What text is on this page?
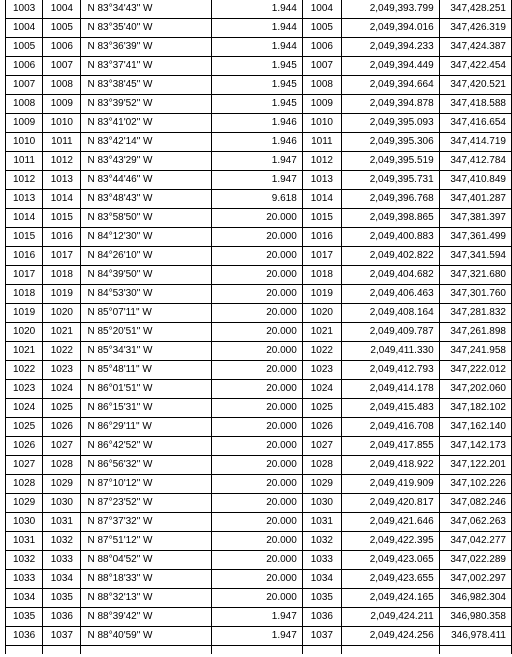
1003	1004	N 83°34'43" W	1.944	1004	2,049,393.799	347,428.251
1004	1005	N 83°35'40" W	1.944	1005	2,049,394.016	347,426.319
1005	1006	N 83°36'39" W	1.944	1006	2,049,394.233	347,424.387
1006	1007	N 83°37'41" W	1.945	1007	2,049,394.449	347,422.454
1007	1008	N 83°38'45" W	1.945	1008	2,049,394.664	347,420.521
1008	1009	N 83°39'52" W	1.945	1009	2,049,394.878	347,418.588
1009	1010	N 83°41'02" W	1.946	1010	2,049,395.093	347,416.654
1010	1011	N 83°42'14" W	1.946	1011	2,049,395.306	347,414.719
1011	1012	N 83°43'29" W	1.947	1012	2,049,395.519	347,412.784
1012	1013	N 83°44'46" W	1.947	1013	2,049,395.731	347,410.849
1013	1014	N 83°48'43" W	9.618	1014	2,049,396.768	347,401.287
1014	1015	N 83°58'50" W	20.000	1015	2,049,398.865	347,381.397
1015	1016	N 84°12'30" W	20.000	1016	2,049,400.883	347,361.499
1016	1017	N 84°26'10" W	20.000	1017	2,049,402.822	347,341.594
1017	1018	N 84°39'50" W	20.000	1018	2,049,404.682	347,321.680
1018	1019	N 84°53'30" W	20.000	1019	2,049,406.463	347,301.760
1019	1020	N 85°07'11" W	20.000	1020	2,049,408.164	347,281.832
1020	1021	N 85°20'51" W	20.000	1021	2,049,409.787	347,261.898
1021	1022	N 85°34'31" W	20.000	1022	2,049,411.330	347,241.958
1022	1023	N 85°48'11" W	20.000	1023	2,049,412.793	347,222.012
1023	1024	N 86°01'51" W	20.000	1024	2,049,414.178	347,202.060
1024	1025	N 86°15'31" W	20.000	1025	2,049,415.483	347,182.102
1025	1026	N 86°29'11" W	20.000	1026	2,049,416.708	347,162.140
1026	1027	N 86°42'52" W	20.000	1027	2,049,417.855	347,142.173
1027	1028	N 86°56'32" W	20.000	1028	2,049,418.922	347,122.201
1028	1029	N 87°10'12" W	20.000	1029	2,049,419.909	347,102.226
1029	1030	N 87°23'52" W	20.000	1030	2,049,420.817	347,082.246
1030	1031	N 87°37'32" W	20.000	1031	2,049,421.646	347,062.263
1031	1032	N 87°51'12" W	20.000	1032	2,049,422.395	347,042.277
1032	1033	N 88°04'52" W	20.000	1033	2,049,423.065	347,022.289
1033	1034	N 88°18'33" W	20.000	1034	2,049,423.655	347,002.297
1034	1035	N 88°32'13" W	20.000	1035	2,049,424.165	346,982.304
1035	1036	N 88°39'42" W	1.947	1036	2,049,424.211	346,980.358
1036	1037	N 88°40'59" W	1.947	1037	2,049,424.256	346,978.411
